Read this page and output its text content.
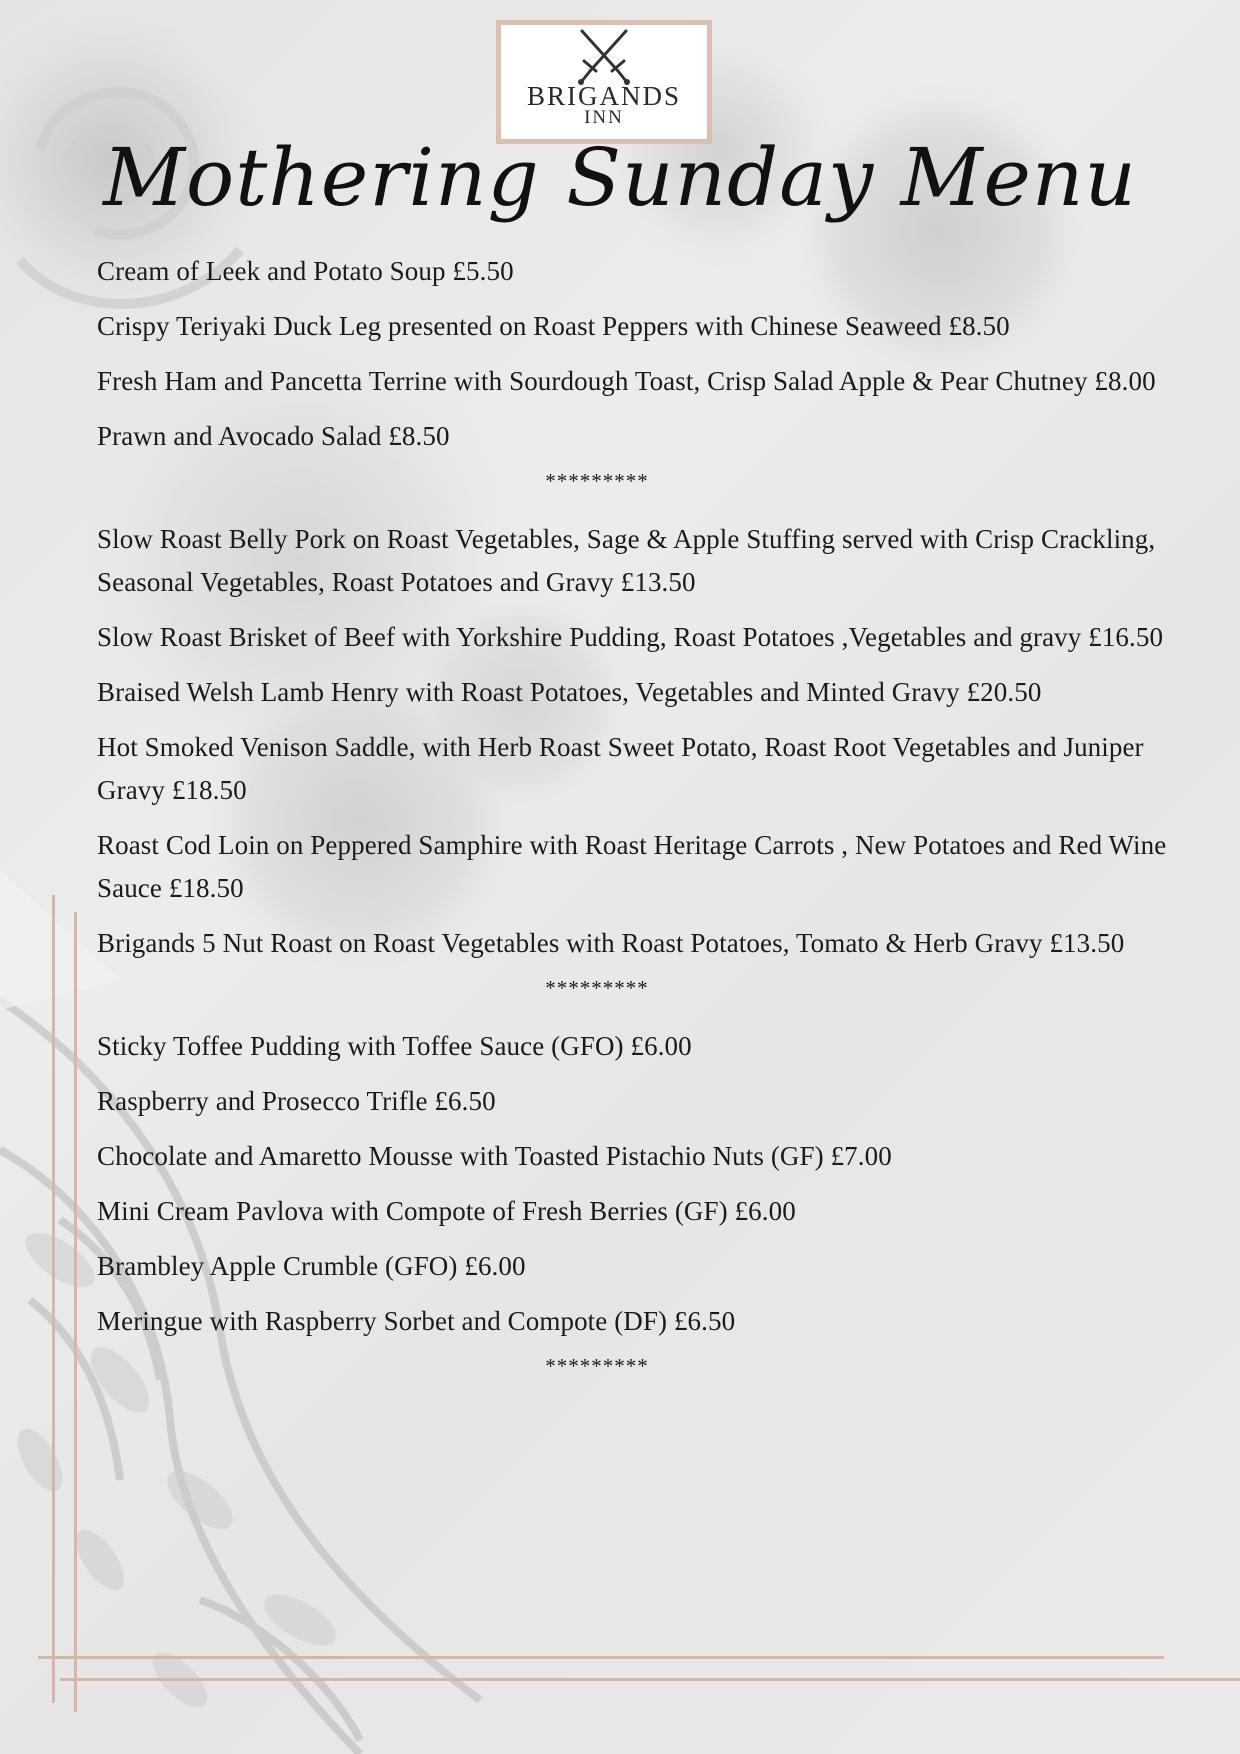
BRIGANDS
INN
Mothering Sunday Menu
Cream of Leek and Potato Soup £5.50
Crispy Teriyaki Duck Leg presented on Roast Peppers with Chinese Seaweed £8.50
Fresh Ham and Pancetta Terrine with Sourdough Toast, Crisp Salad Apple & Pear Chutney £8.00
Prawn and Avocado Salad £8.50
*********
Slow Roast Belly Pork on Roast Vegetables, Sage & Apple Stuffing served with Crisp Crackling, Seasonal Vegetables, Roast Potatoes and Gravy £13.50
Slow Roast Brisket of Beef with Yorkshire Pudding, Roast Potatoes ,Vegetables and gravy £16.50
Braised Welsh Lamb Henry with Roast Potatoes, Vegetables and Minted Gravy £20.50
Hot Smoked Venison Saddle, with Herb Roast Sweet Potato, Roast Root Vegetables and Juniper Gravy £18.50
Roast Cod Loin on Peppered Samphire with Roast Heritage Carrots , New Potatoes and Red Wine Sauce £18.50
Brigands 5 Nut Roast on Roast Vegetables with Roast Potatoes, Tomato & Herb Gravy £13.50
*********
Sticky Toffee Pudding with Toffee Sauce (GFO) £6.00
Raspberry and Prosecco Trifle £6.50
Chocolate and Amaretto Mousse with Toasted Pistachio Nuts (GF) £7.00
Mini Cream Pavlova with Compote of Fresh Berries (GF) £6.00
Brambley Apple Crumble (GFO) £6.00
Meringue with Raspberry Sorbet and Compote (DF) £6.50
*********
